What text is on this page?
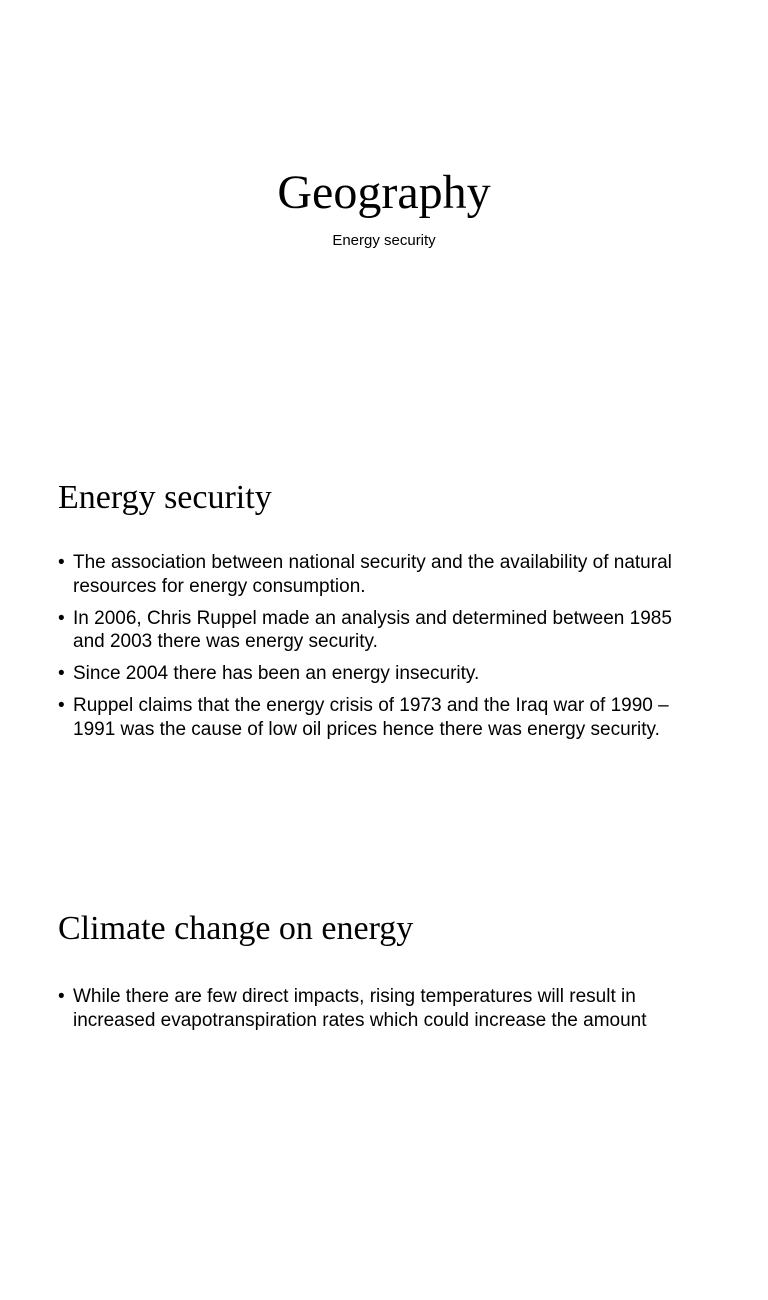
Geography
Energy security
Energy security
• The association between national security and the availability of natural resources for energy consumption.
• In 2006, Chris Ruppel made an analysis and determined between 1985 and 2003 there was energy security.
• Since 2004 there has been an energy insecurity.
• Ruppel claims that the energy crisis of 1973 and the Iraq war of 1990 – 1991 was the cause of low oil prices hence there was energy security.
Climate change on energy
• While there are few direct impacts, rising temperatures will result in increased evapotranspiration rates which could increase the amount
